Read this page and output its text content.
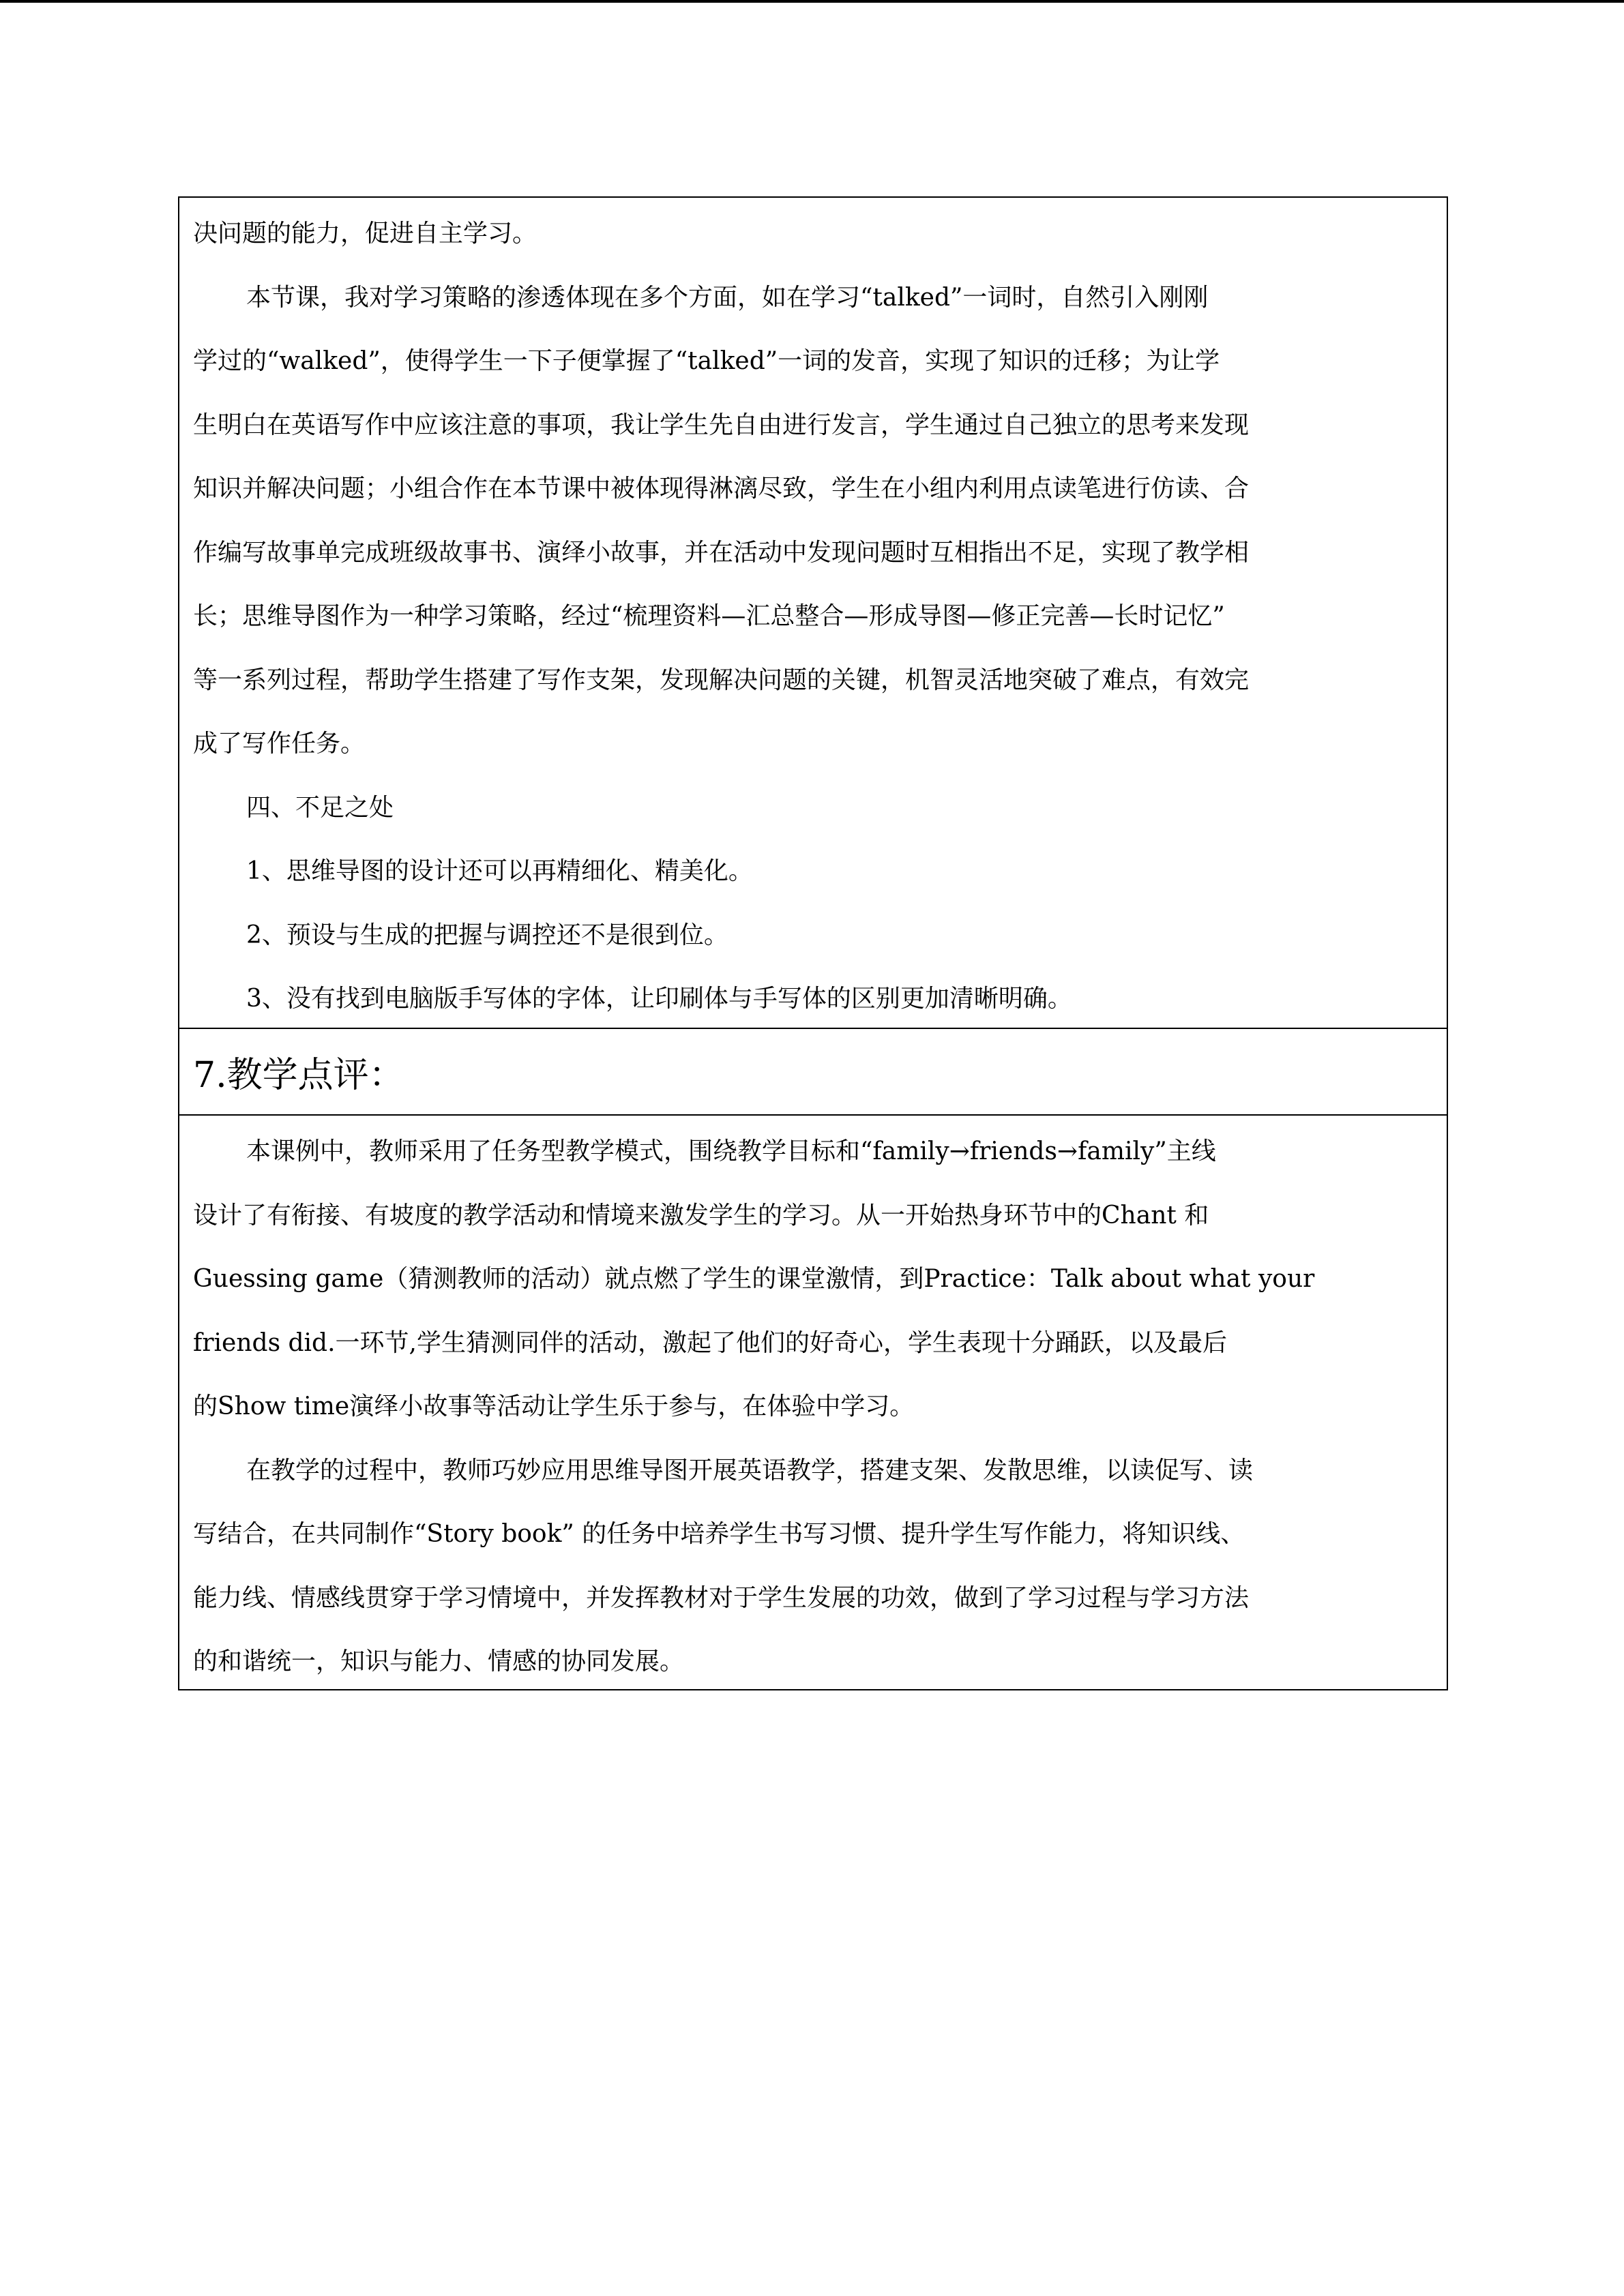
决问题的能力，促进自主学习。

本节课，我对学习策略的渗透体现在多个方面，如在学习“talked”一词时，自然引入刚刚

学过的“walked”，使得学生一下子便掌握了“talked”一词的发音，实现了知识的迁移；为让学

生明白在英语写作中应该注意的事项，我让学生先自由进行发言，学生通过自己独立的思考来发现

知识并解决问题；小组合作在本节课中被体现得淋漓尽致，学生在小组内利用点读笔进行仿读、合

作编写故事单完成班级故事书、演绎小故事，并在活动中发现问题时互相指出不足，实现了教学相

长；思维导图作为一种学习策略，经过“梳理资料—汇总整合—形成导图—修正完善—长时记忆”

等一系列过程，帮助学生搭建了写作支架，发现解决问题的关键，机智灵活地突破了难点，有效完

成了写作任务。

四、不足之处

1、思维导图的设计还可以再精细化、精美化。

2、预设与生成的把握与调控还不是很到位。

3、没有找到电脑版手写体的字体，让印刷体与手写体的区别更加清晰明确。

7.教学点评：

本课例中，教师采用了任务型教学模式，围绕教学目标和“family→friends→family”主线

设计了有衔接、有坡度的教学活动和情境来激发学生的学习。从一开始热身环节中的Chant 和

Guessing game（猜测教师的活动）就点燃了学生的课堂激情，到Practice：Talk about what your

friends did.一环节,学生猜测同伴的活动，激起了他们的好奇心，学生表现十分踊跃，以及最后

的Show time演绎小故事等活动让学生乐于参与，在体验中学习。

在教学的过程中，教师巧妙应用思维导图开展英语教学，搭建支架、发散思维，以读促写、读

写结合，在共同制作“Story book” 的任务中培养学生书写习惯、提升学生写作能力，将知识线、

能力线、情感线贯穿于学习情境中，并发挥教材对于学生发展的功效，做到了学习过程与学习方法

的和谐统一，知识与能力、情感的协同发展。
